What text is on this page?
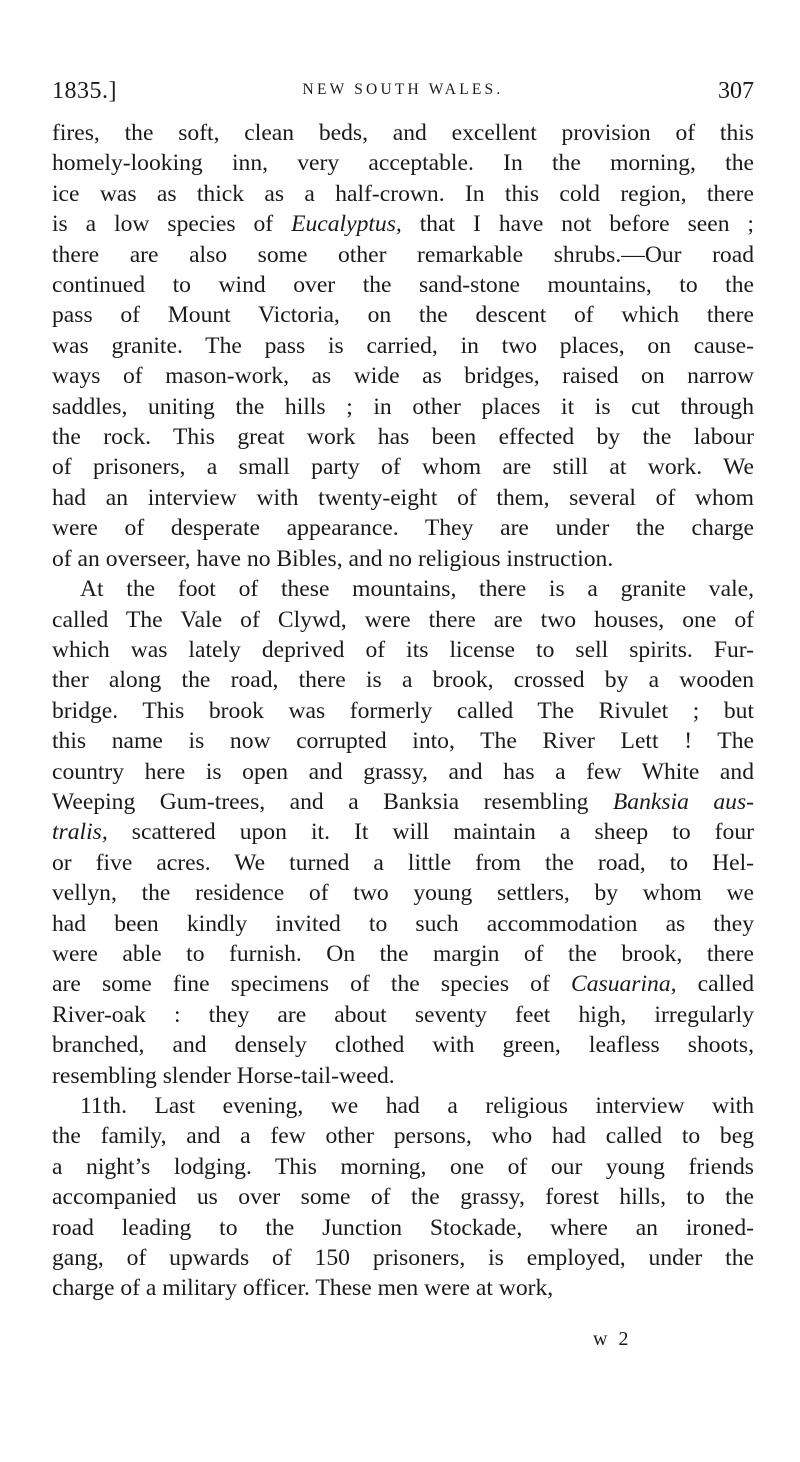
1835.]	NEW SOUTH WALES.	307

fires, the soft, clean beds, and excellent provision of this
homely-looking inn, very acceptable. In the morning, the
ice was as thick as a half-crown. In this cold region, there
is a low species of Eucalyptus, that I have not before seen ;
there are also some other remarkable shrubs.—Our road
continued to wind over the sand-stone mountains, to the
pass of Mount Victoria, on the descent of which there
was granite. The pass is carried, in two places, on cause-
ways of mason-work, as wide as bridges, raised on narrow
saddles, uniting the hills ; in other places it is cut through
the rock. This great work has been effected by the labour
of prisoners, a small party of whom are still at work. We
had an interview with twenty-eight of them, several of whom
were of desperate appearance. They are under the charge
of an overseer, have no Bibles, and no religious instruction.

At the foot of these mountains, there is a granite vale,
called The Vale of Clywd, were there are two houses, one of
which was lately deprived of its license to sell spirits. Fur-
ther along the road, there is a brook, crossed by a wooden
bridge. This brook was formerly called The Rivulet ; but
this name is now corrupted into, The River Lett ! The
country here is open and grassy, and has a few White and
Weeping Gum-trees, and a Banksia resembling Banksia aus-
tralis, scattered upon it. It will maintain a sheep to four
or five acres. We turned a little from the road, to Hel-
vellyn, the residence of two young settlers, by whom we
had been kindly invited to such accommodation as they
were able to furnish. On the margin of the brook, there
are some fine specimens of the species of Casuarina, called
River-oak : they are about seventy feet high, irregularly
branched, and densely clothed with green, leafless shoots,
resembling slender Horse-tail-weed.

11th. Last evening, we had a religious interview with
the family, and a few other persons, who had called to beg
a night’s lodging. This morning, one of our young friends
accompanied us over some of the grassy, forest hills, to the
road leading to the Junction Stockade, where an ironed-
gang, of upwards of 150 prisoners, is employed, under the
charge of a military officer. These men were at work,

w 2
